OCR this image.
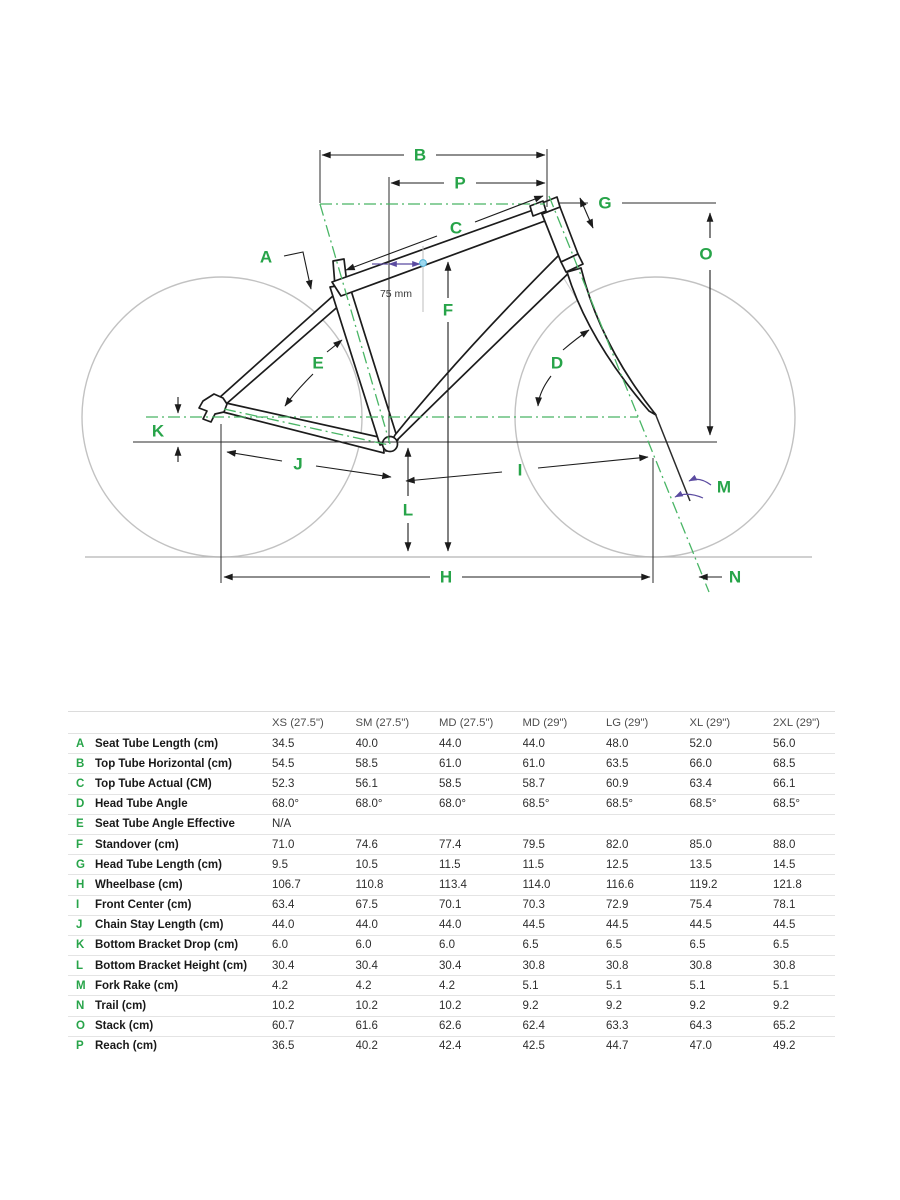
A
B
C
D
E
F
G
H
I
J
K
L
M
N
O
P
75 mm
		XS (27.5")	SM (27.5")	MD (27.5")	MD (29")	LG (29")	XL (29")	2XL (29")
A	Seat Tube Length (cm)	34.5	40.0	44.0	44.0	48.0	52.0	56.0
B	Top Tube Horizontal (cm)	54.5	58.5	61.0	61.0	63.5	66.0	68.5
C	Top Tube Actual (CM)	52.3	56.1	58.5	58.7	60.9	63.4	66.1
D	Head Tube Angle	68.0°	68.0°	68.0°	68.5°	68.5°	68.5°	68.5°
E	Seat Tube Angle Effective	N/A						
F	Standover (cm)	71.0	74.6	77.4	79.5	82.0	85.0	88.0
G	Head Tube Length (cm)	9.5	10.5	11.5	11.5	12.5	13.5	14.5
H	Wheelbase (cm)	106.7	110.8	113.4	114.0	116.6	119.2	121.8
I	Front Center (cm)	63.4	67.5	70.1	70.3	72.9	75.4	78.1
J	Chain Stay Length (cm)	44.0	44.0	44.0	44.5	44.5	44.5	44.5
K	Bottom Bracket Drop (cm)	6.0	6.0	6.0	6.5	6.5	6.5	6.5
L	Bottom Bracket Height (cm)	30.4	30.4	30.4	30.8	30.8	30.8	30.8
M	Fork Rake (cm)	4.2	4.2	4.2	5.1	5.1	5.1	5.1
N	Trail (cm)	10.2	10.2	10.2	9.2	9.2	9.2	9.2
O	Stack (cm)	60.7	61.6	62.6	62.4	63.3	64.3	65.2
P	Reach (cm)	36.5	40.2	42.4	42.5	44.7	47.0	49.2
